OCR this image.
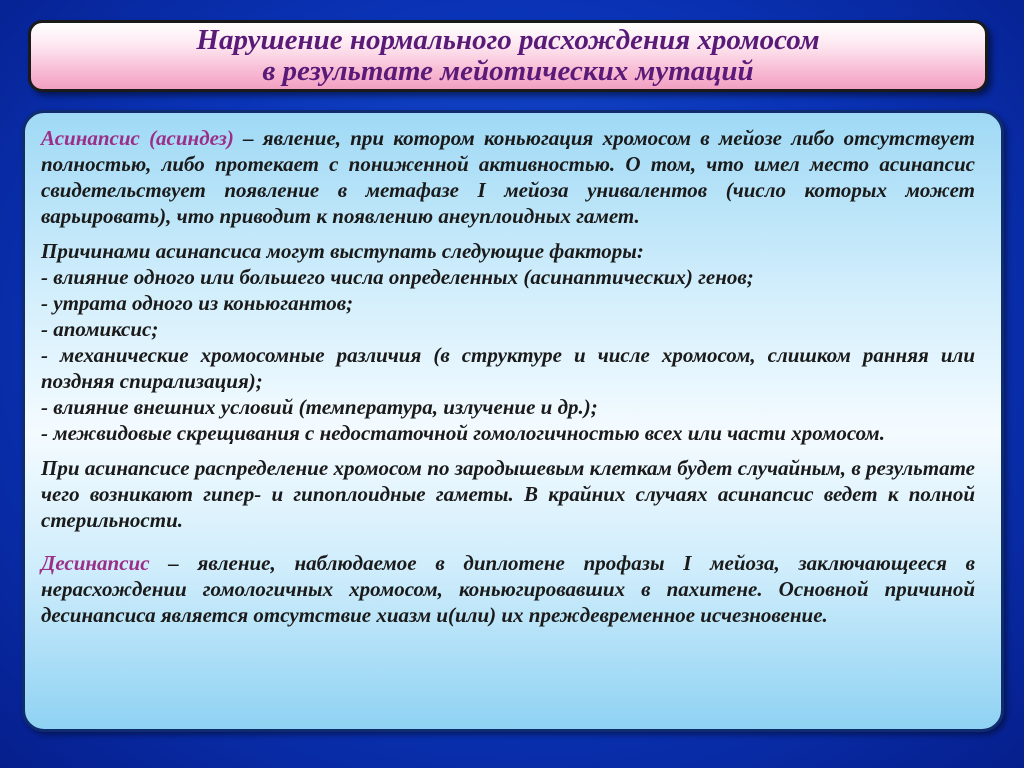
Нарушение нормального расхождения хромосом
в результате мейотических мутаций

Асинапсис (асиндез) – явление, при котором коньюгация хромосом в мейозе либо отсутствует полностью, либо протекает с пониженной активностью. О том, что имел место асинапсис свидетельствует появление в метафазе I мейоза унивалентов (число которых может варьировать), что приводит к появлению анеуплоидных гамет.

Причинами асинапсиса могут выступать следующие факторы:

- влияние одного или большего числа определенных (асинаптических) генов;
- утрата одного из коньюгантов;
- апомиксис;
- механические хромосомные различия (в структуре и числе хромосом, слишком ранняя или поздняя спирализация);
- влияние внешних условий (температура, излучение и др.);
- межвидовые скрещивания с недостаточной гомологичностью всех или части хромосом.

При асинапсисе распределение хромосом по зародышевым клеткам будет случайным, в результате чего возникают гипер- и гипоплоидные гаметы. В крайних случаях асинапсис ведет к полной стерильности.

Десинапсис – явление, наблюдаемое в диплотене профазы I мейоза, заключающееся в нерасхождении гомологичных хромосом, коньюгировавших в пахитене. Основной причиной десинапсиса является отсутствие хиазм и(или) их преждевременное исчезновение.
